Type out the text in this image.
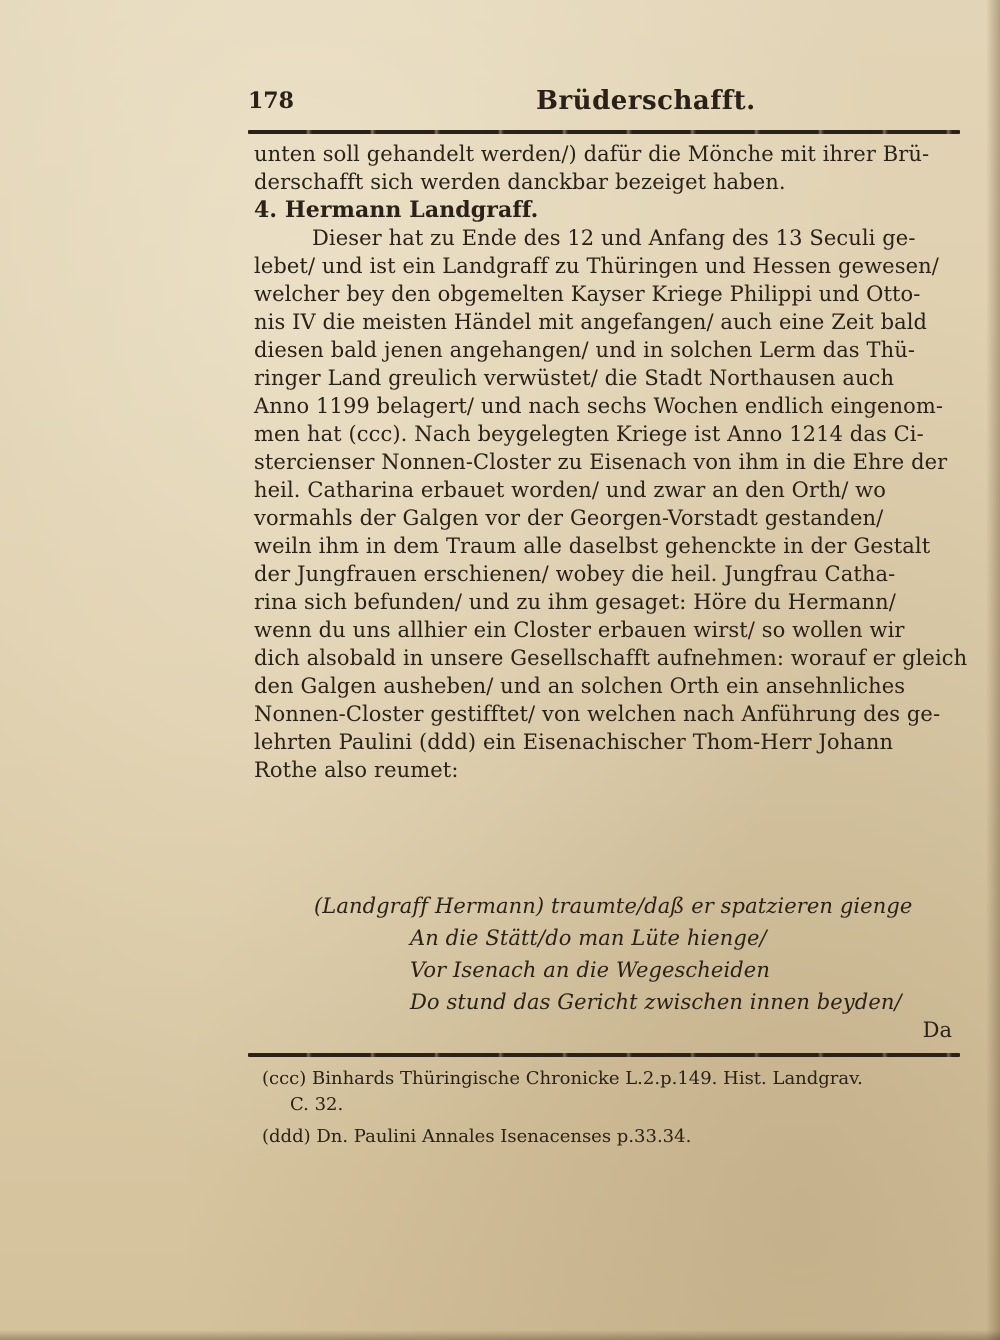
178	Brüderschafft.
unten soll gehandelt werden/) dafür die Mönche mit ihrer Brü-
derschafft sich werden danckbar bezeiget haben.
4. Hermann Landgraff.
Dieser hat zu Ende des 12 und Anfang des 13 Seculi ge-
lebet/ und ist ein Landgraff zu Thüringen und Hessen gewesen/
welcher bey den obgemelten Kayser Kriege Philippi und Otto-
nis IV die meisten Händel mit angefangen/ auch eine Zeit bald
diesen bald jenen angehangen/ und in solchen Lerm das Thü-
ringer Land greulich verwüstet/ die Stadt Northausen auch
Anno 1199 belagert/ und nach sechs Wochen endlich eingenom-
men hat (ccc). Nach beygelegten Kriege ist Anno 1214 das Ci-
stercienser Nonnen-Closter zu Eisenach von ihm in die Ehre der
heil. Catharina erbauet worden/ und zwar an den Orth/ wo
vormahls der Galgen vor der Georgen-Vorstadt gestanden/
weiln ihm in dem Traum alle daselbst gehenckte in der Gestalt
der Jungfrauen erschienen/ wobey die heil. Jungfrau Catha-
rina sich befunden/ und zu ihm gesaget: Höre du Hermann/
wenn du uns allhier ein Closter erbauen wirst/ so wollen wir
dich alsobald in unsere Gesellschafft aufnehmen: worauf er gleich
den Galgen ausheben/ und an solchen Orth ein ansehnliches
Nonnen-Closter gestifftet/ von welchen nach Anführung des ge-
lehrten Paulini (ddd) ein Eisenachischer Thom-Herr Johann
Rothe also reumet:
(Landgraff Hermann) traumte/daß er spatzieren gienge
An die Stätt/do man Lüte hienge/
Vor Isenach an die Wegescheiden
Do stund das Gericht zwischen innen beyden/
Da
(ccc) Binhards Thüringische Chronicke L.2.p.149. Hist. Landgrav.
C. 32.
(ddd) Dn. Paulini Annales Isenacenses p.33.34.
